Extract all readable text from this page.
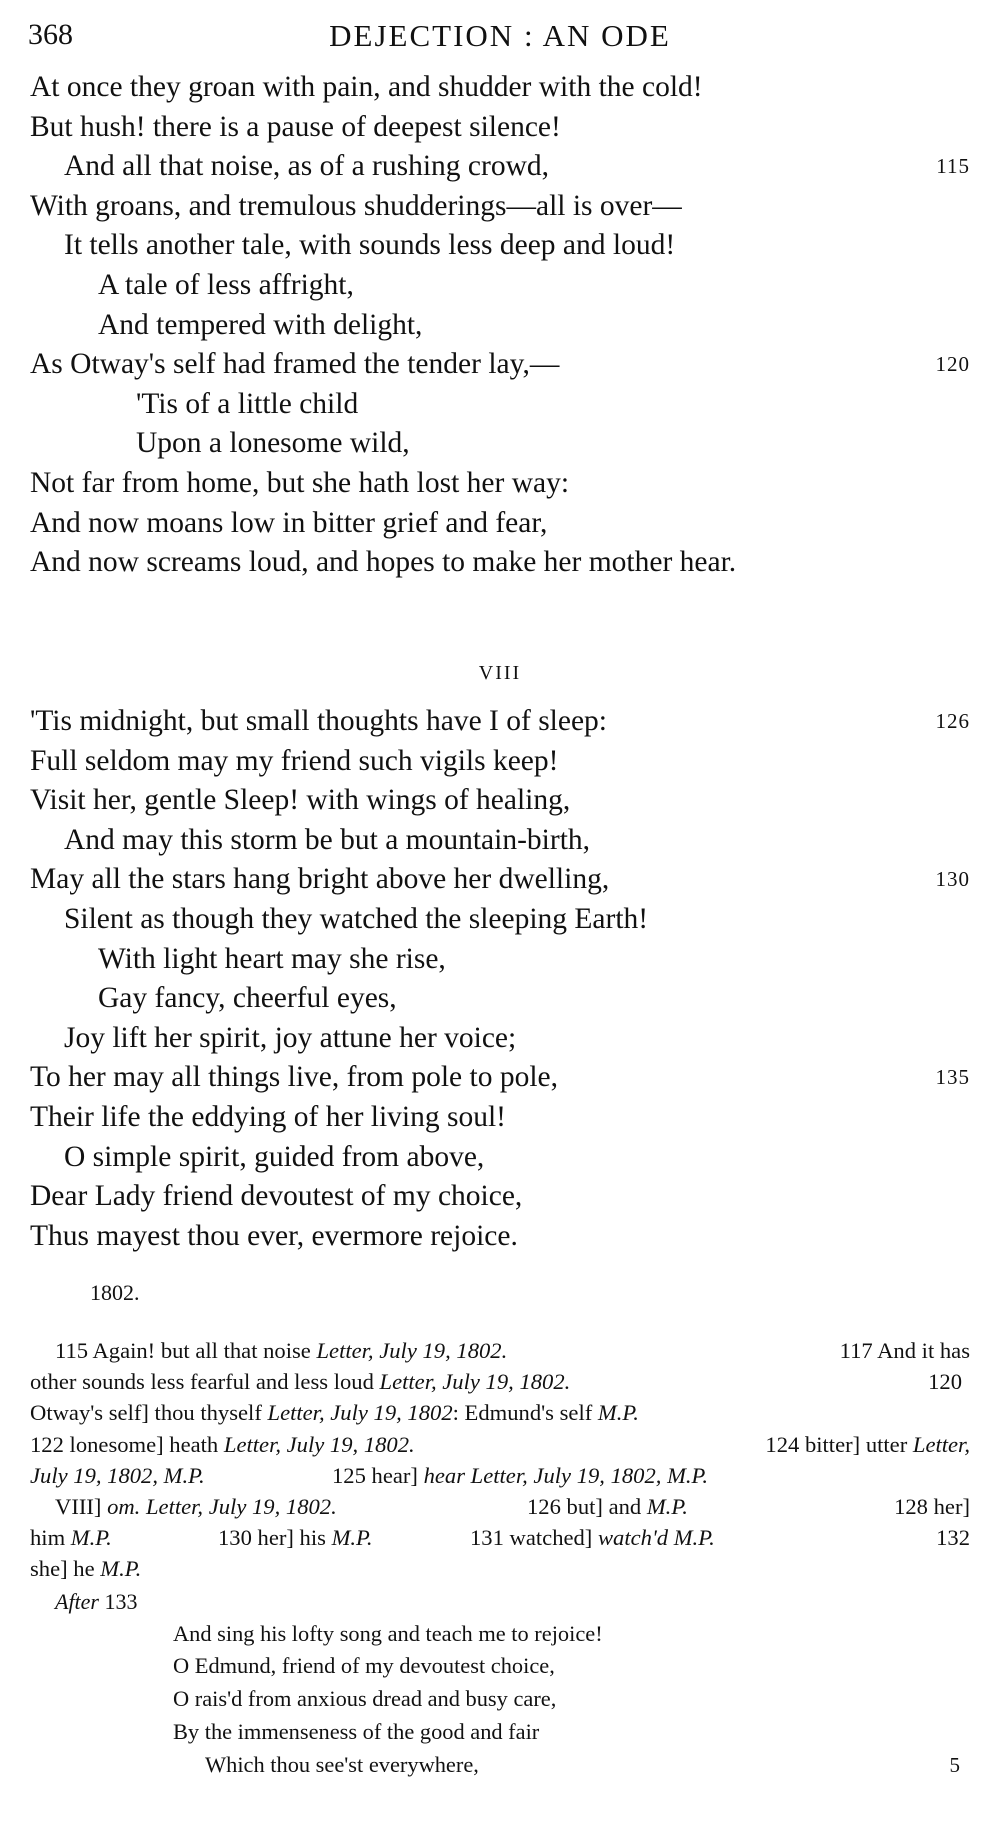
368	DEJECTION : AN ODE
At once they groan with pain, and shudder with the cold!
But hush! there is a pause of deepest silence!
And all that noise, as of a rushing crowd,	115
With groans, and tremulous shudderings—all is over—
It tells another tale, with sounds less deep and loud!
A tale of less affright,
And tempered with delight,
As Otway's self had framed the tender lay,—	120
'Tis of a little child
Upon a lonesome wild,
Not far from home, but she hath lost her way:
And now moans low in bitter grief and fear,
And now screams loud, and hopes to make her mother hear.
VIII
'Tis midnight, but small thoughts have I of sleep:	126
Full seldom may my friend such vigils keep!
Visit her, gentle Sleep! with wings of healing,
And may this storm be but a mountain-birth,
May all the stars hang bright above her dwelling,	130
Silent as though they watched the sleeping Earth!
With light heart may she rise,
Gay fancy, cheerful eyes,
Joy lift her spirit, joy attune her voice;
To her may all things live, from pole to pole,	135
Their life the eddying of her living soul!
O simple spirit, guided from above,
Dear Lady friend devoutest of my choice,
Thus mayest thou ever, evermore rejoice.
1802.
115 Again! but all that noise Letter, July 19, 1802.	117 And it has
other sounds less fearful and less loud Letter, July 19, 1802.	120
Otway's self] thou thyself Letter, July 19, 1802: Edmund's self M.P.
122 lonesome] heath Letter, July 19, 1802.	124 bitter] utter Letter,
July 19, 1802, M.P.	125 hear] hear Letter, July 19, 1802, M.P.
VIII] om. Letter, July 19, 1802.	126 but] and M.P.	128 her]
him M.P.	130 her] his M.P.	131 watched] watch'd M.P.	132
she] he M.P.
After 133
And sing his lofty song and teach me to rejoice!
O Edmund, friend of my devoutest choice,
O rais'd from anxious dread and busy care,
By the immenseness of the good and fair
Which thou see'st everywhere,	5
